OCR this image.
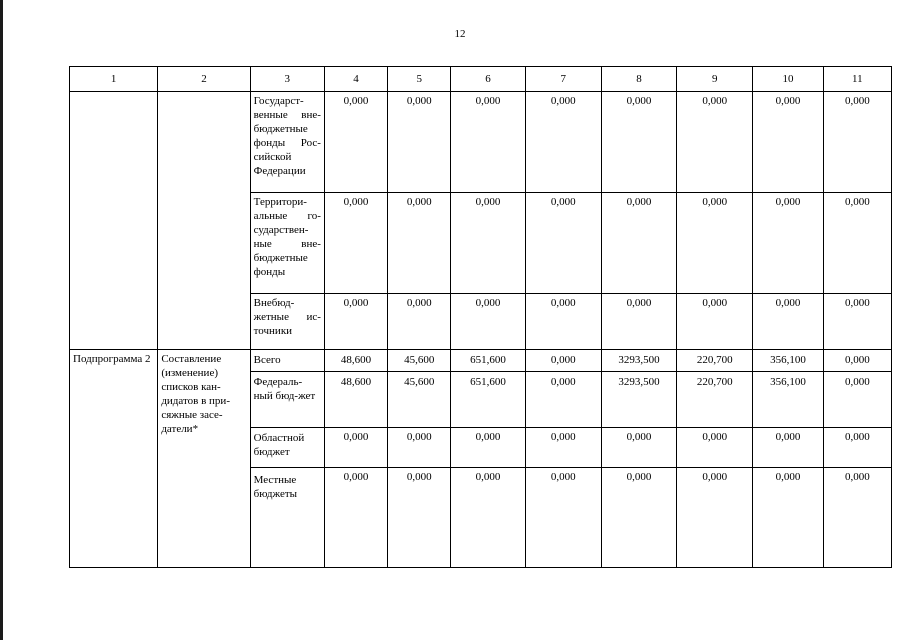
12
1	2	3	4	5	6	7	8	9	10	11
		Государст-венные вне-бюджетные фонды Рос-сийской Федерации	0,000	0,000	0,000	0,000	0,000	0,000	0,000	0,000
		Территори-альные го-сударствен-ные вне-бюджетные фонды	0,000	0,000	0,000	0,000	0,000	0,000	0,000	0,000
		Внебюд-жетные ис-точники	0,000	0,000	0,000	0,000	0,000	0,000	0,000	0,000
Подпрограмма 2	Составление (изменение) списков кан-дидатов в при-сяжные засе-датели*	Всего	48,600	45,600	651,600	0,000	3293,500	220,700	356,100	0,000
		Федераль-ный бюд-жет	48,600	45,600	651,600	0,000	3293,500	220,700	356,100	0,000
		Областной бюджет	0,000	0,000	0,000	0,000	0,000	0,000	0,000	0,000
		Местные бюджеты	0,000	0,000	0,000	0,000	0,000	0,000	0,000	0,000
